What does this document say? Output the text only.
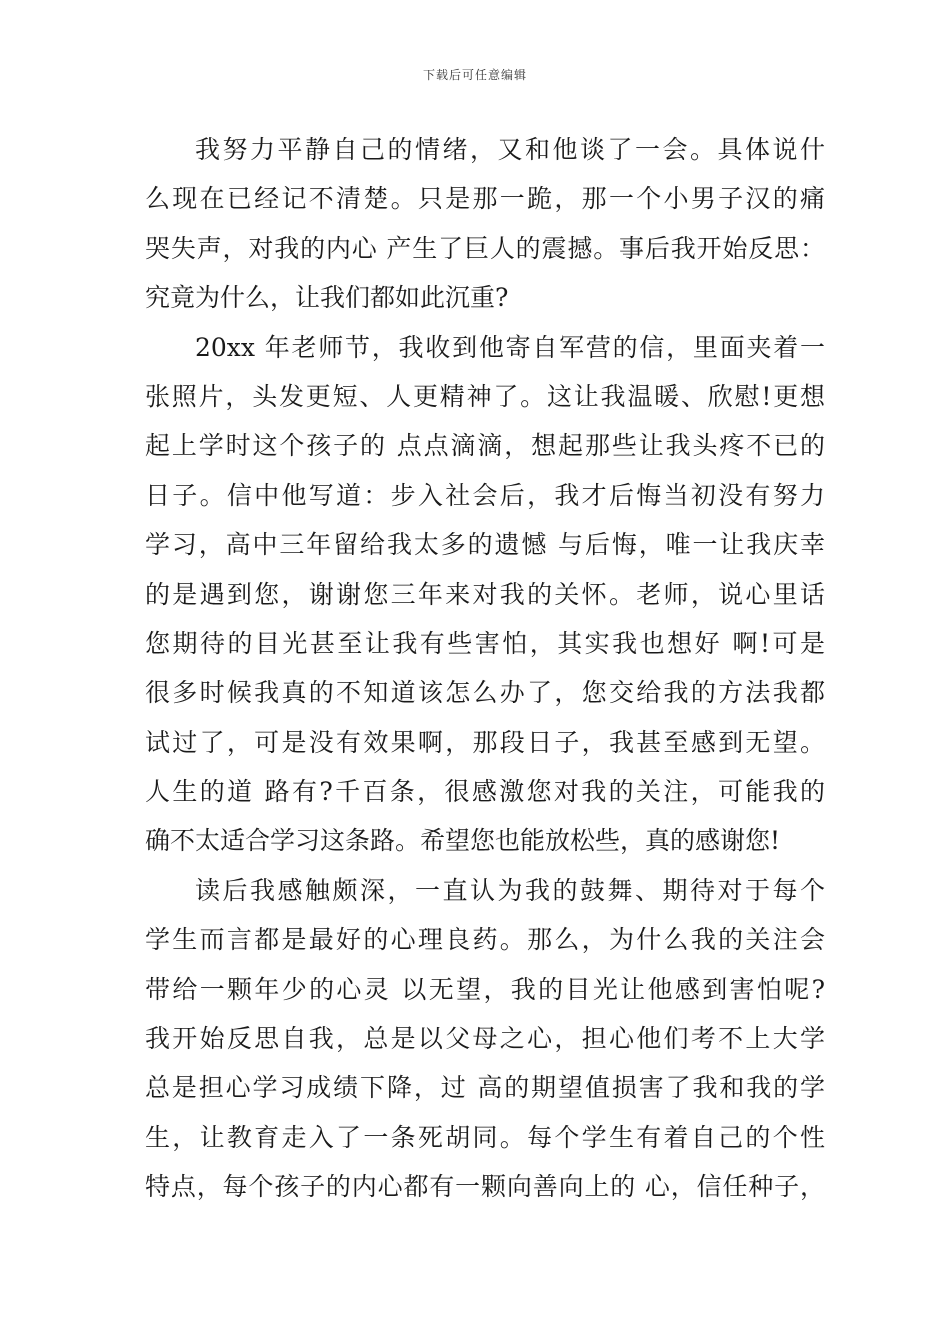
下载后可任意编辑
我努力平静自己的情绪，又和他谈了一会。具体说什
么现在已经记不清楚。只是那一跪，那一个小男子汉的痛
哭失声，对我的内心 产生了巨人的震撼。事后我开始反思：
究竟为什么，让我们都如此沉重?
20xx 年老师节，我收到他寄自军营的信，里面夹着一
张照片，头发更短、人更精神了。这让我温暖、欣慰!更想
起上学时这个孩子的 点点滴滴，想起那些让我头疼不已的
日子。信中他写道：步入社会后，我才后悔当初没有努力
学习，高中三年留给我太多的遗憾 与后悔，唯一让我庆幸
的是遇到您，谢谢您三年来对我的关怀。老师，说心里话
您期待的目光甚至让我有些害怕，其实我也想好 啊!可是
很多时候我真的不知道该怎么办了，您交给我的方法我都
试过了，可是没有效果啊，那段日子，我甚至感到无望。
人生的道 路有?千百条，很感激您对我的关注，可能我的
确不太适合学习这条路。希望您也能放松些，真的感谢您!
读后我感触颇深，一直认为我的鼓舞、期待对于每个
学生而言都是最好的心理良药。那么，为什么我的关注会
带给一颗年少的心灵 以无望，我的目光让他感到害怕呢?
我开始反思自我，总是以父母之心，担心他们考不上大学
总是担心学习成绩下降，过 高的期望值损害了我和我的学
生，让教育走入了一条死胡同。每个学生有着自己的个性
特点，每个孩子的内心都有一颗向善向上的 心，信任种子，
